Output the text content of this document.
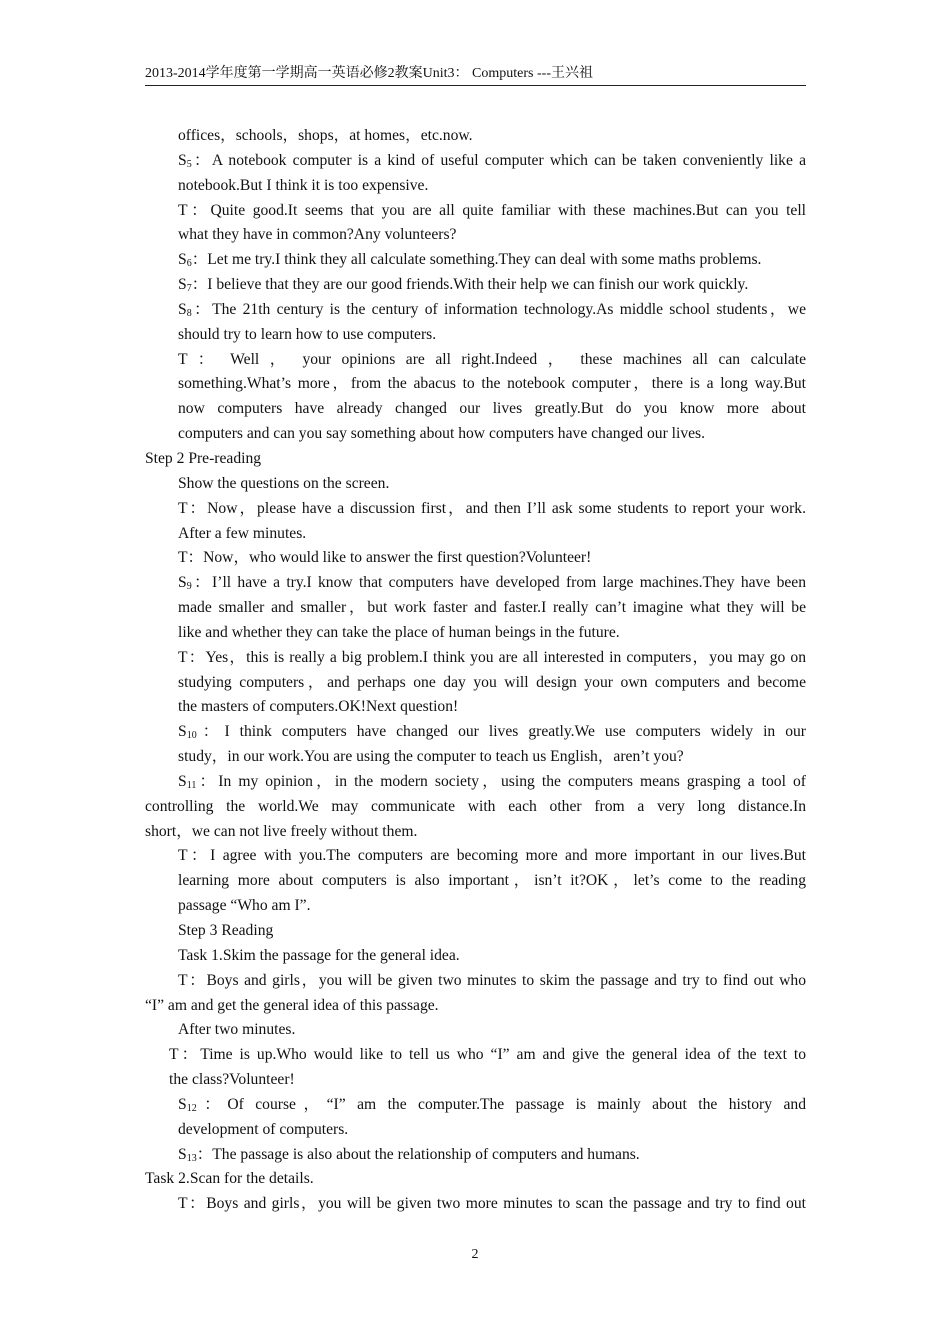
2013-2014学年度第一学期高一英语必修2教案Unit3： Computers ---王兴祖
offices，schools，shops，at homes，etc.now.
$S_5$：A notebook computer is a kind of useful computer which can be taken conveniently like a
notebook.But I think it is too expensive.
T：Quite good.It seems that you are all quite familiar with these machines.But can you tell
what they have in common?Any volunteers?
$S_6$：Let me try.I think they all calculate something.They can deal with some maths problems.
$S_7$：I believe that they are our good friends.With their help we can finish our work quickly.
$S_8$：The 21th century is the century of information technology.As middle school students，we
should try to learn how to use computers.
T ： Well ， your opinions are all right.Indeed ， these machines all can calculate
something.What’s more，from the abacus to the notebook computer，there is a long way.But
now computers have already changed our lives greatly.But do you know more about
computers and can you say something about how computers have changed our lives.
Step 2 Pre-reading
Show the questions on the screen.
T：Now，please have a discussion first，and then I’ll ask some students to report your work.
After a few minutes.
T：Now，who would like to answer the first question?Volunteer!
$S_9$：I’ll have a try.I know that computers have developed from large machines.They have been
made smaller and smaller，but work faster and faster.I really can’t imagine what they will be
like and whether they can take the place of human beings in the future.
T：Yes，this is really a big problem.I think you are all interested in computers，you may go on
studying computers，and perhaps one day you will design your own computers and become
the masters of computers.OK!Next question!
$S_{10}$：I think computers have changed our lives greatly.We use computers widely in our
study，in our work.You are using the computer to teach us English，aren’t you?
$S_{11}$：In my opinion，in the modern society，using the computers means grasping a tool of
controlling the world.We may communicate with each other from a very long distance.In
short，we can not live freely without them.
T：I agree with you.The computers are becoming more and more important in our lives.But
learning more about computers is also important，isn’t it?OK，let’s come to the reading
passage “Who am I”.
Step 3 Reading
Task 1.Skim the passage for the general idea.
T：Boys and girls，you will be given two minutes to skim the passage and try to find out who
“I” am and get the general idea of this passage.
After two minutes.
T：Time is up.Who would like to tell us who “I” am and give the general idea of the text to
the class?Volunteer!
$S_{12}$：Of course，“I” am the computer.The passage is mainly about the history and
development of computers.
$S_{13}$：The passage is also about the relationship of computers and humans.
Task 2.Scan for the details.
T：Boys and girls，you will be given two more minutes to scan the passage and try to find out
2
